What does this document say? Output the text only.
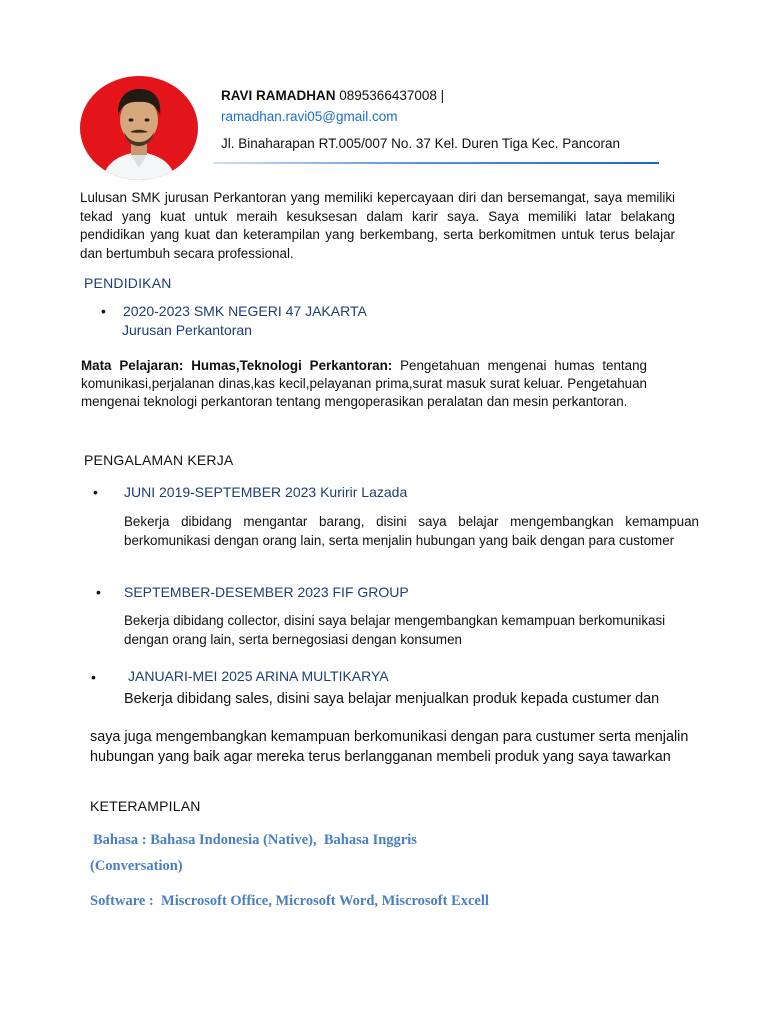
RAVI RAMADHAN 0895366437008 |
ramadhan.ravi05@gmail.com
Jl. Binaharapan RT.005/007 No. 37 Kel. Duren Tiga Kec. Pancoran
Lulusan SMK jurusan Perkantoran yang memiliki kepercayaan diri dan bersemangat, saya memiliki tekad yang kuat untuk meraih kesuksesan dalam karir saya. Saya memiliki latar belakang pendidikan yang kuat dan keterampilan yang berkembang, serta berkomitmen untuk terus belajar dan bertumbuh secara professional.
PENDIDIKAN
• 2020-2023 SMK NEGERI 47 JAKARTA
Jurusan Perkantoran
Mata Pelajaran: Humas,Teknologi Perkantoran: Pengetahuan mengenai humas tentang komunikasi,perjalanan dinas,kas kecil,pelayanan prima,surat masuk surat keluar. Pengetahuan mengenai teknologi perkantoran tentang mengoperasikan peralatan dan mesin perkantoran.
PENGALAMAN KERJA
• JUNI 2019-SEPTEMBER 2023 Kuririr Lazada
Bekerja dibidang mengantar barang, disini saya belajar mengembangkan kemampuan berkomunikasi dengan orang lain, serta menjalin hubungan yang baik dengan para customer
• SEPTEMBER-DESEMBER 2023 FIF GROUP
Bekerja dibidang collector, disini saya belajar mengembangkan kemampuan berkomunikasi dengan orang lain, serta bernegosiasi dengan konsumen
• JANUARI-MEI 2025 ARINA MULTIKARYA
Bekerja dibidang sales, disini saya belajar menjualkan produk kepada custumer dan
saya juga mengembangkan kemampuan berkomunikasi dengan para custumer serta menjalin hubungan yang baik agar mereka terus berlangganan membeli produk yang saya tawarkan
KETERAMPILAN
Bahasa : Bahasa Indonesia (Native),  Bahasa Inggris
(Conversation)
Software : Miscrosoft Office, Microsoft Word, Miscrosoft Excell
